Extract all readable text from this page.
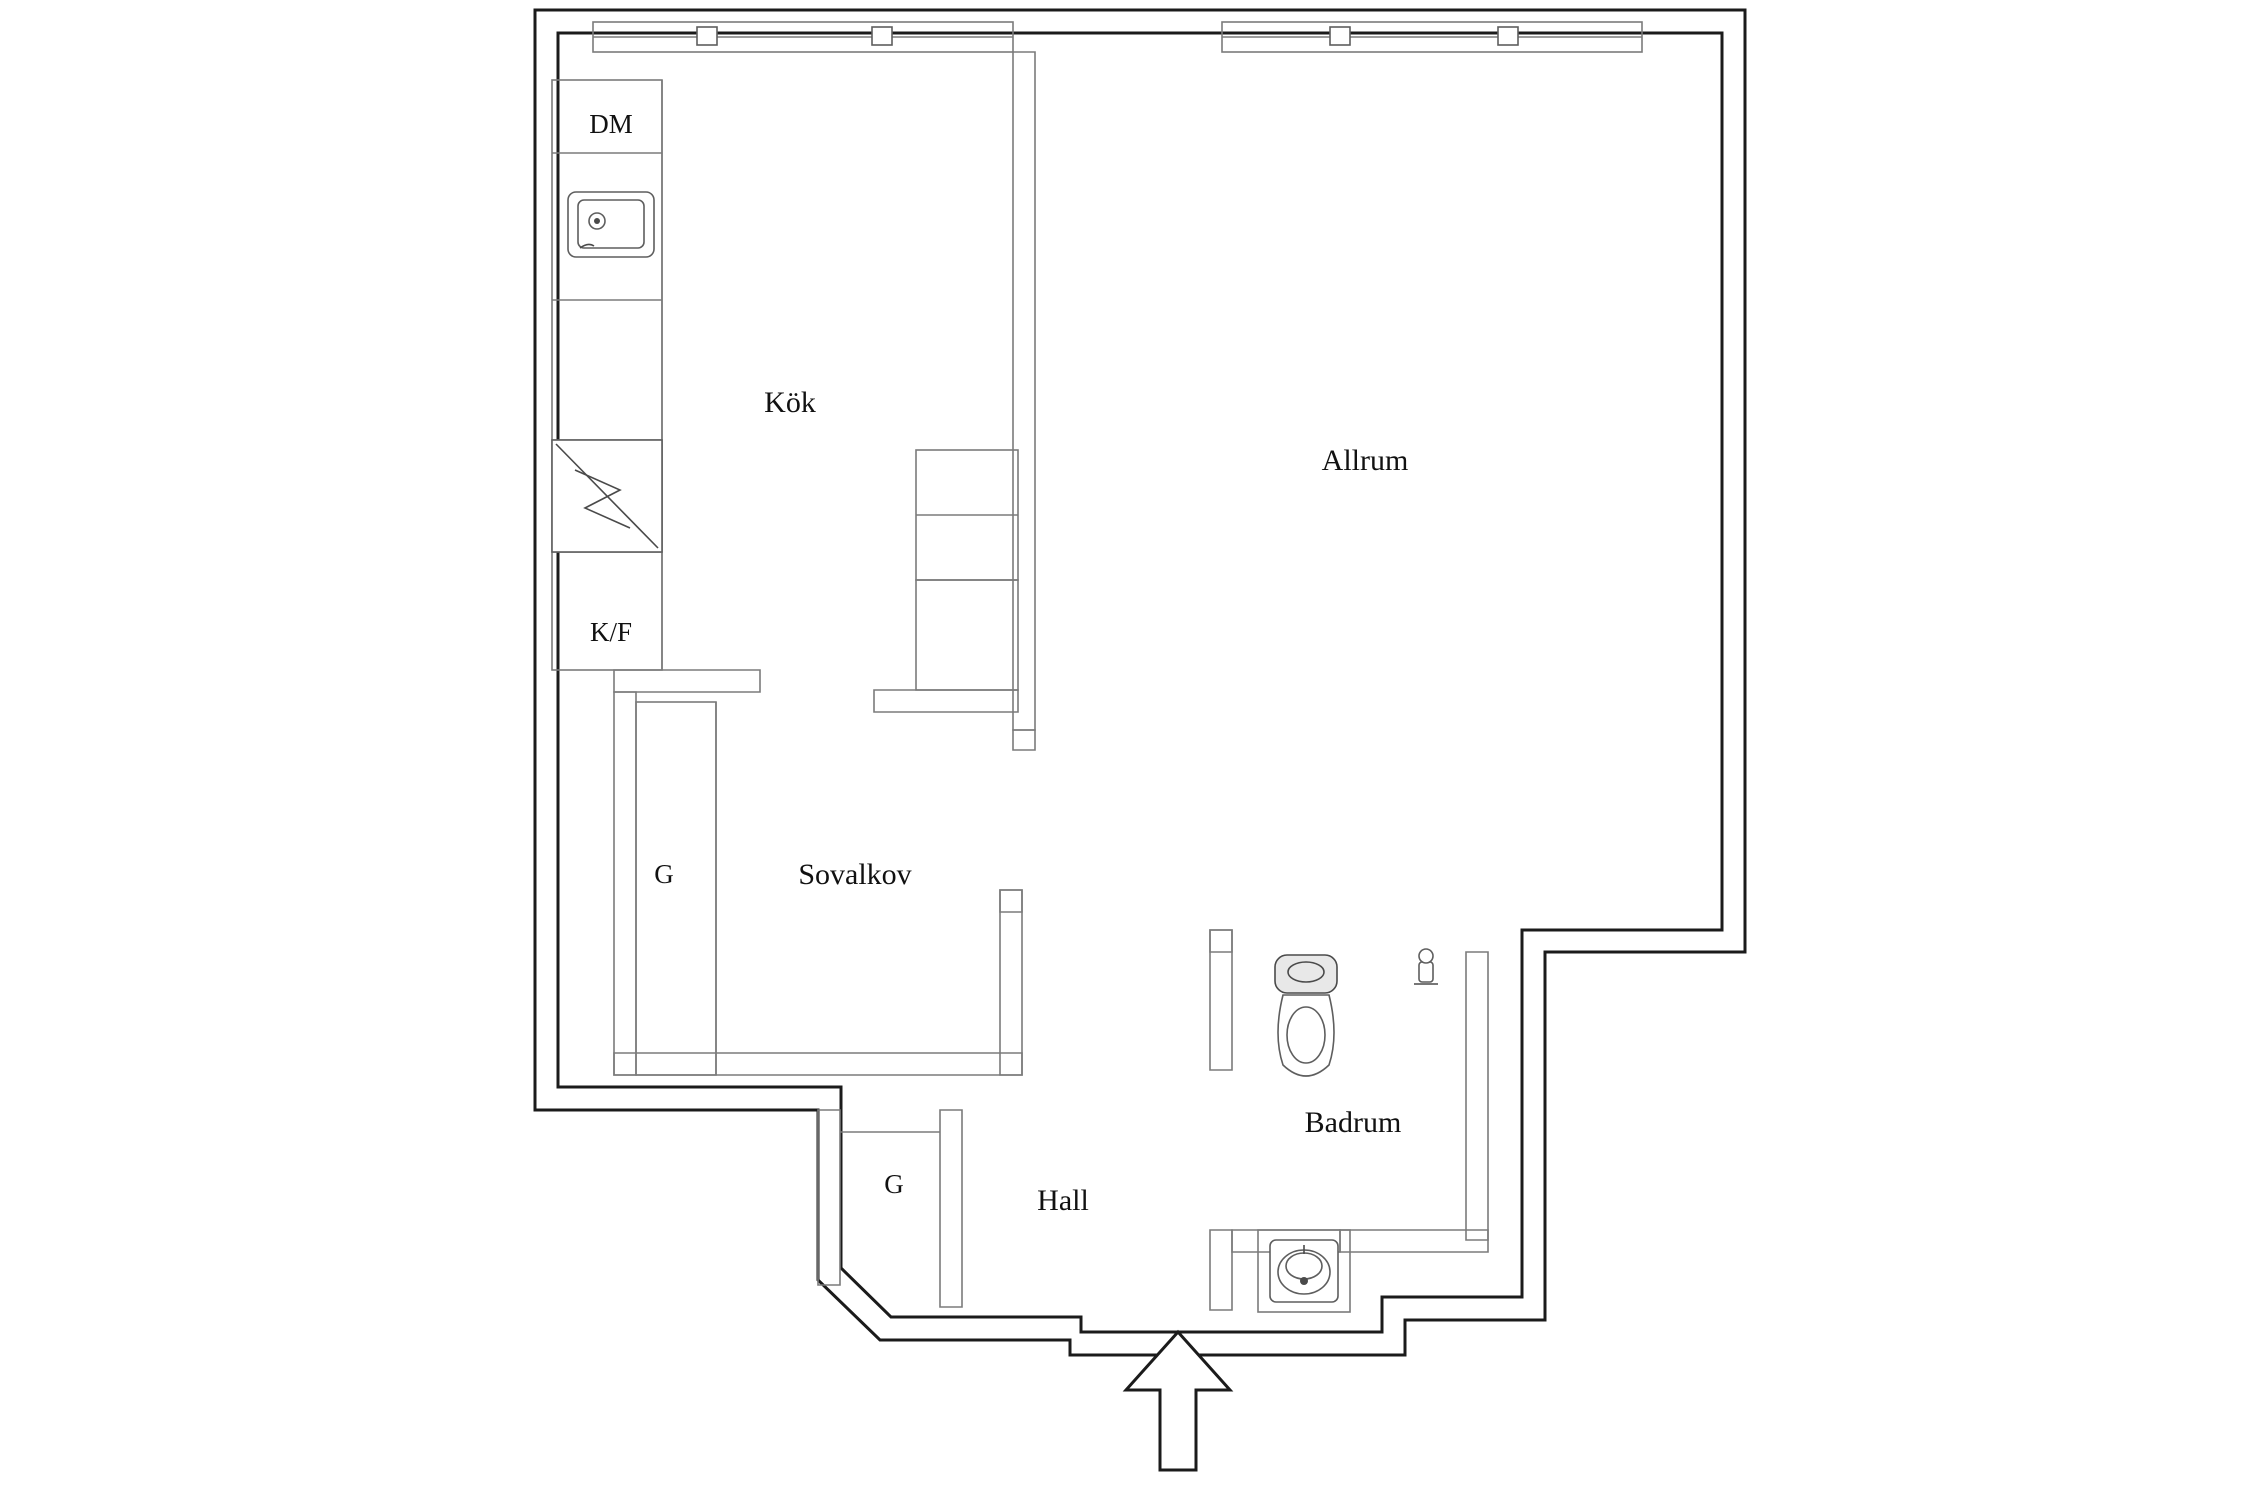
DM
K/F
G
G
Kök
Allrum
Sovalkov
Badrum
Hall
